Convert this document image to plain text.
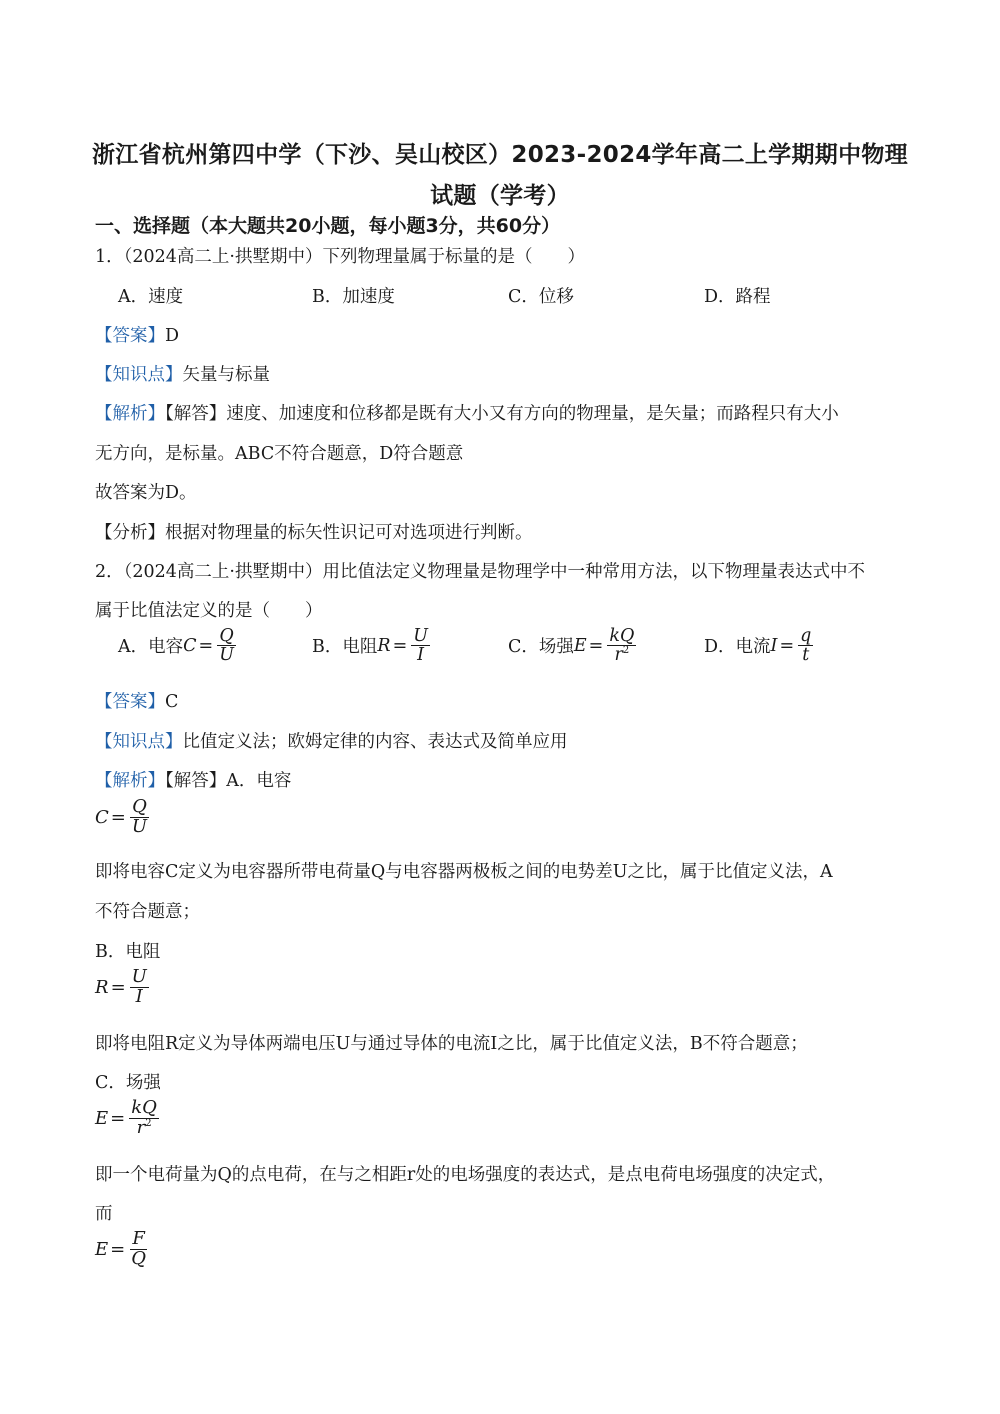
浙江省杭州第四中学（下沙、吴山校区）2023-2024学年高二上学期期中物理
试题（学考）
一、选择题（本大题共20小题，每小题3分，共60分）
1．（2024高二上·拱墅期中）下列物理量属于标量的是（　　）
A．速度	B．加速度	C．位移	D．路程
【答案】D
【知识点】矢量与标量
【解析】【解答】速度、加速度和位移都是既有大小又有方向的物理量，是矢量；而路程只有大小
无方向，是标量。ABC不符合题意，D符合题意
故答案为D。
【分析】根据对物理量的标矢性识记可对选项进行判断。
2．（2024高二上·拱墅期中）用比值法定义物理量是物理学中一种常用方法，以下物理量表达式中不
属于比值法定义的是（　　）
A．电容 $C = \frac{Q}{U}$	B．电阻 $R = \frac{U}{I}$	C．场强 $E = \frac{kQ}{r^2}$	D．电流 $I = \frac{q}{t}$
【答案】C
【知识点】比值定义法；欧姆定律的内容、表达式及简单应用
【解析】【解答】A．电容
$C = \frac{Q}{U}$
即将电容C定义为电容器所带电荷量Q与电容器两极板之间的电势差U之比，属于比值定义法，A
不符合题意；
B．电阻
$R = \frac{U}{I}$
即将电阻R定义为导体两端电压U与通过导体的电流I之比，属于比值定义法，B不符合题意；
C．场强
$E = \frac{kQ}{r^2}$
即一个电荷量为Q的点电荷，在与之相距r处的电场强度的表达式，是点电荷电场强度的决定式，
而
$E = \frac{F}{Q}$
